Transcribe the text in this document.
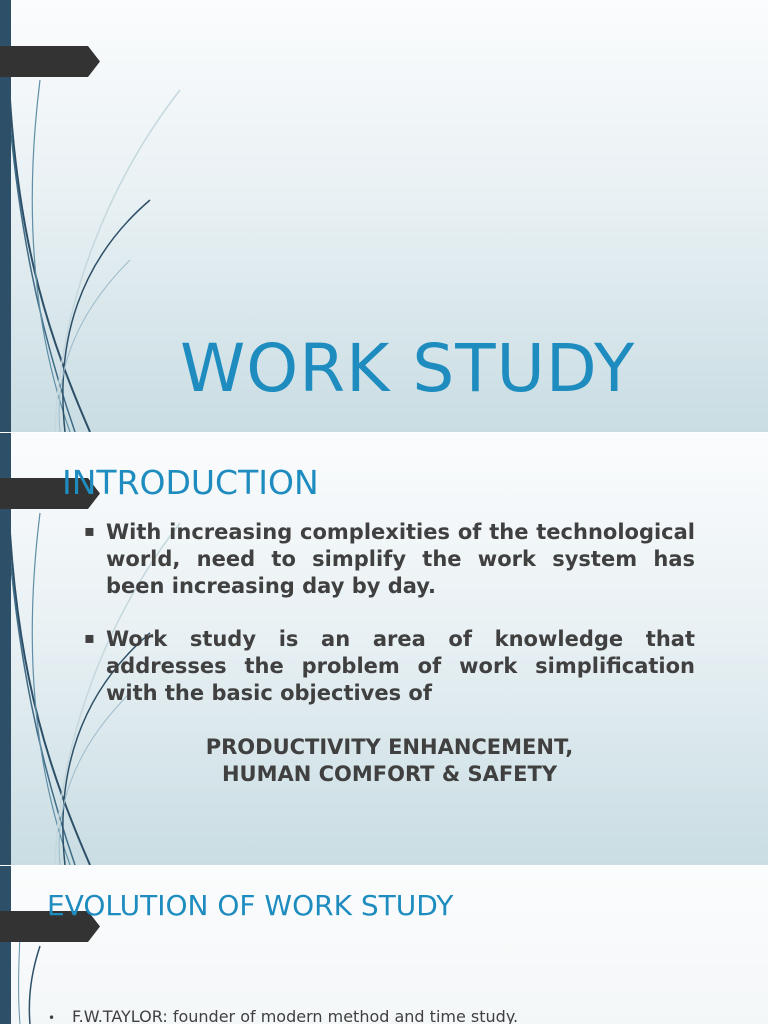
WORK STUDY
INTRODUCTION
▪ With increasing complexities of the technological world, need to simplify the work system has been increasing day by day.
▪ Work study is an area of knowledge that addresses the problem of work simplification with the basic objectives of
PRODUCTIVITY ENHANCEMENT,
HUMAN COMFORT & SAFETY
EVOLUTION OF WORK STUDY
• F.W.TAYLOR: founder of modern method and time study.
